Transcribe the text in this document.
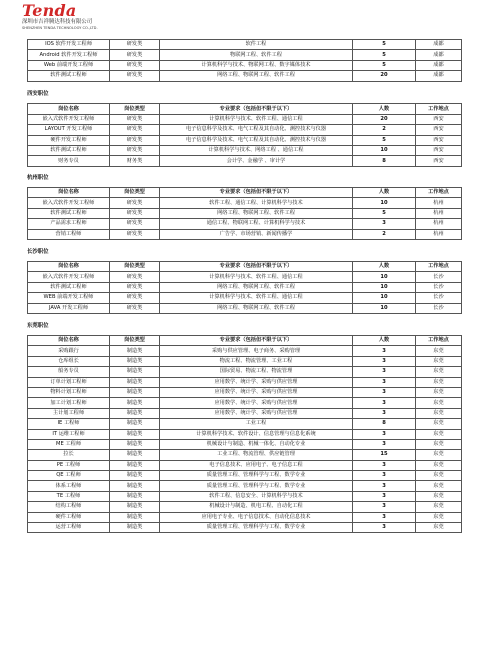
Tenda
深圳市吉祥腾达科技有限公司
SHENZHEN TENDA TECHNOLOGY CO.,LTD.
IOS 软件开发工程师	研发类	软件工程	5	成都
Android 软件开发工程师	研发类	物联网工程、软件工程	5	成都
Web 前端开发工程师	研发类	计算机科学与技术、物联网工程、数字媒体技术	5	成都
软件测试工程师	研发类	网络工程、物联网工程、软件工程	20	成都
西安职位
岗位名称	岗位类型	专业要求（包括但不限于以下）	人数	工作地点
嵌入式软件开发工程师	研发类	计算机科学与技术、软件工程、通信工程	20	西安
LAYOUT 开发工程师	研发类	电子信息科学及技术、电气工程及其自动化、测控技术与仪器	2	西安
硬件开发工程师	研发类	电子信息科学及技术、电气工程及其自动化、测控技术与仪器	5	西安
软件测试工程师	研发类	计算机科学与技术、网络工程 、通信工程	10	西安
财务专员	财务类	会计学、金融学 、审计学	8	西安
杭州职位
岗位名称	岗位类型	专业要求（包括但不限于以下）	人数	工作地点
嵌入式软件开发工程师	研发类	软件工程、通信工程、计算机科学与技术	10	杭州
软件测试工程师	研发类	网络工程、物联网工程、软件工程	5	杭州
产品需求工程师	研发类	通信工程、物联网工程、计算机科学与技术	3	杭州
营销工程师	研发类	广告学、市场营销、新闻传播学	2	杭州
长沙职位
岗位名称	岗位类型	专业要求（包括但不限于以下）	人数	工作地点
嵌入式软件开发工程师	研发类	计算机科学与技术、软件工程、通信工程	10	长沙
软件测试工程师	研发类	网络工程、物联网工程、软件工程	10	长沙
WEB 前端开发工程师	研发类	计算机科学与技术、软件工程、通信工程	10	长沙
JAVA 开发工程师	研发类	网络工程、物联网工程、软件工程	10	长沙
东莞职位
岗位名称	岗位类型	专业要求（包括但不限于以下）	人数	工作地点
采购跟行	制造类	采购与供应管理、电子商务、采购管理	3	东莞
仓库组长	制造类	物流工程、物流管理、工业工程	3	东莞
船务专员	制造类	国际贸易、物流工程、物流管理	3	东莞
订单计划工程师	制造类	应用数学、统计学、采购与供应管理	3	东莞
物料计划工程师	制造类	应用数学、统计学、采购与供应管理	3	东莞
加工计划工程师	制造类	应用数学、统计学、采购与供应管理	3	东莞
主计划工程师	制造类	应用数学、统计学、采购与供应管理	3	东莞
IE 工程师	制造类	工业工程	8	东莞
IT 运维工程师	制造类	计算机科学技术、软件设计、信息管理与信息化系统	3	东莞
ME 工程师	制造类	机械设计与制造、机械一体化、自动化专业	3	东莞
拉长	制造类	工业工程、物流管理、供应链管理	15	东莞
PE 工程师	制造类	电子信息技术、应用电子、电子信息工程	3	东莞
QE 工程师	制造类	质量管理工程、管理科学与工程、数学专业	3	东莞
体系工程师	制造类	质量管理工程、管理科学与工程、数学专业	3	东莞
TE 工程师	制造类	软件工程、信息安全、计算机科学与技术	3	东莞
结构工程师	制造类	机械设计与制造、机电工程、自动化工程	3	东莞
硬件工程师	制造类	应用电子专业、电子信息技术、自动化信息技术	3	东莞
运营工程师	制造类	质量管理工程、管理科学与工程、数学专业	3	东莞
